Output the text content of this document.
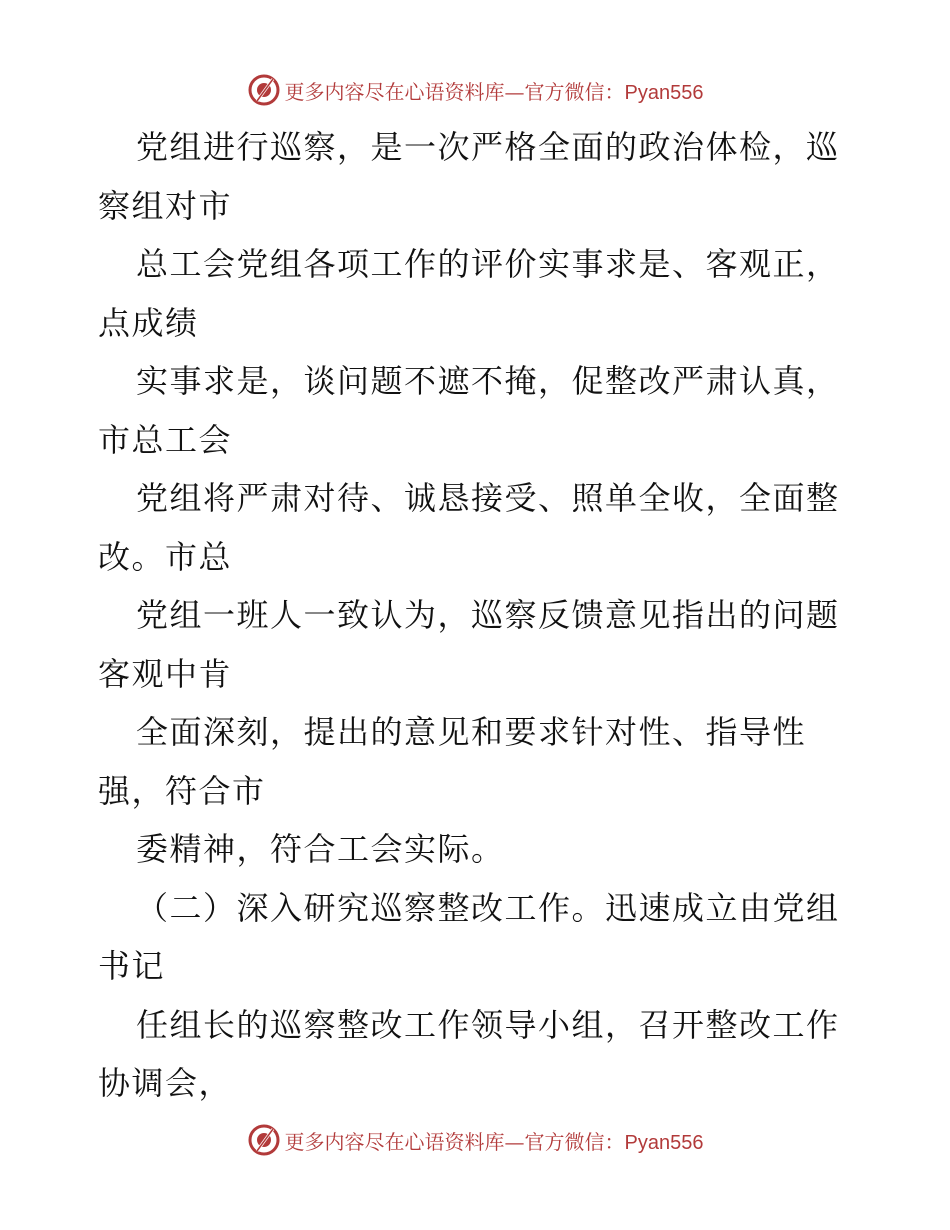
更多内容尽在心语资料库—官方微信：Pyan556
党组进行巡察，是一次严格全面的政治体检，巡
察组对市
总工会党组各项工作的评价实事求是、客观正，
点成绩
实事求是，谈问题不遮不掩，促整改严肃认真，
市总工会
党组将严肃对待、诚恳接受、照单全收，全面整
改。市总
党组一班人一致认为，巡察反馈意见指出的问题
客观中肯
全面深刻，提出的意见和要求针对性、指导性
强，符合市
委精神，符合工会实际。
（二）深入研究巡察整改工作。迅速成立由党组
书记
任组长的巡察整改工作领导小组，召开整改工作
协调会，
更多内容尽在心语资料库—官方微信：Pyan556
